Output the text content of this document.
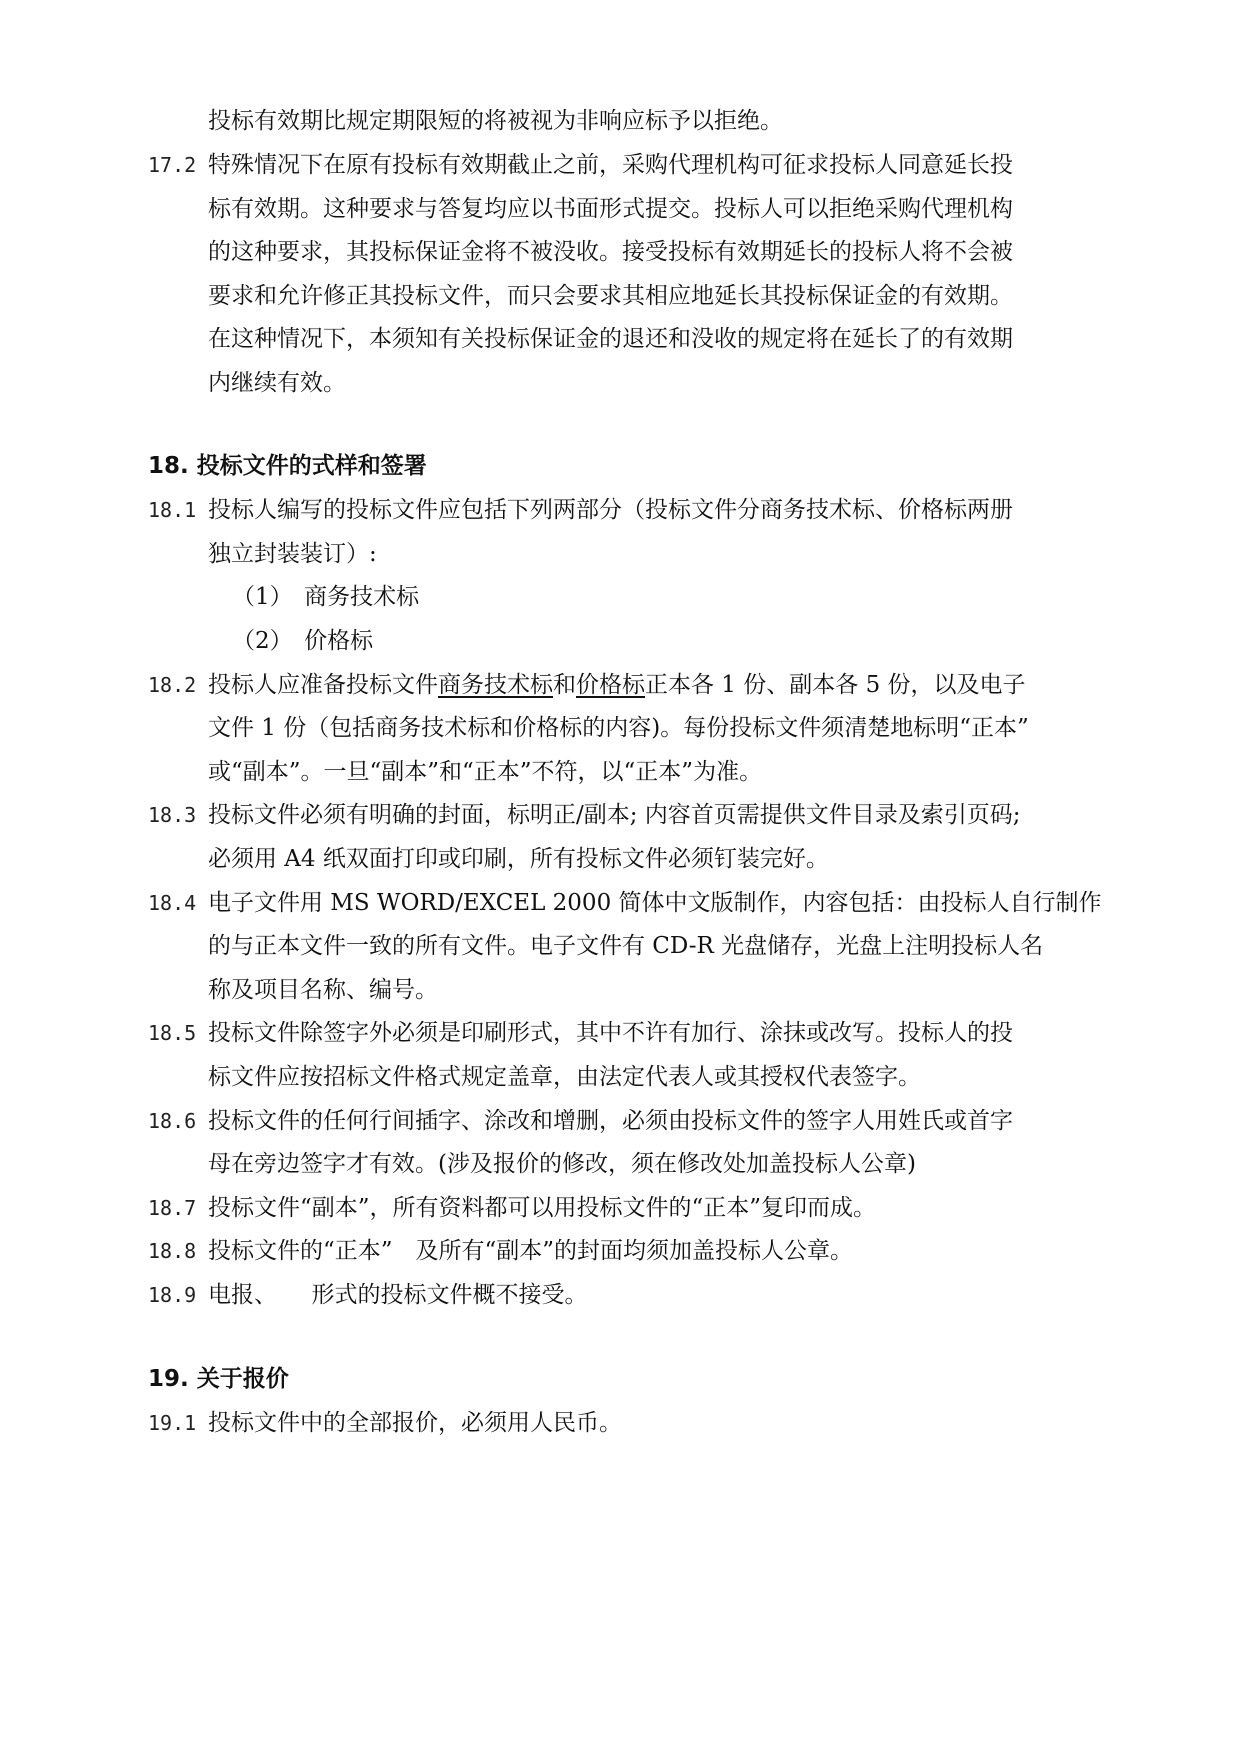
投标有效期比规定期限短的将被视为非响应标予以拒绝。
17.2 特殊情况下在原有投标有效期截止之前，采购代理机构可征求投标人同意延长投
标有效期。这种要求与答复均应以书面形式提交。投标人可以拒绝采购代理机构
的这种要求，其投标保证金将不被没收。接受投标有效期延长的投标人将不会被
要求和允许修正其投标文件，而只会要求其相应地延长其投标保证金的有效期。
在这种情况下，本须知有关投标保证金的退还和没收的规定将在延长了的有效期
内继续有效。
18. 投标文件的式样和签署
18.1 投标人编写的投标文件应包括下列两部分（投标文件分商务技术标、价格标两册
独立封装装订）:
（1）　商务技术标
（2）　价格标
18.2 投标人应准备投标文件商务技术标和价格标正本各 1 份、副本各 5 份，以及电子
文件 1 份（包括商务技术标和价格标的内容)。每份投标文件须清楚地标明“正本”
或“副本”。一旦“副本”和“正本”不符，以“正本”为准。
18.3 投标文件必须有明确的封面，标明正/副本; 内容首页需提供文件目录及索引页码;
必须用 A4 纸双面打印或印刷，所有投标文件必须钉装完好。
18.4 电子文件用 MS WORD/EXCEL 2000 简体中文版制作，内容包括：由投标人自行制作
的与正本文件一致的所有文件。电子文件有 CD-R 光盘储存，光盘上注明投标人名
称及项目名称、编号。
18.5 投标文件除签字外必须是印刷形式，其中不许有加行、涂抹或改写。投标人的投
标文件应按招标文件格式规定盖章，由法定代表人或其授权代表签字。
18.6 投标文件的任何行间插字、涂改和增删，必须由投标文件的签字人用姓氏或首字
母在旁边签字才有效。(涉及报价的修改，须在修改处加盖投标人公章)
18.7 投标文件“副本”，所有资料都可以用投标文件的“正本”复印而成。
18.8 投标文件的“正本”　及所有“副本”的封面均须加盖投标人公章。
18.9 电报、　　形式的投标文件概不接受。
19. 关于报价
19.1 投标文件中的全部报价，必须用人民币。
